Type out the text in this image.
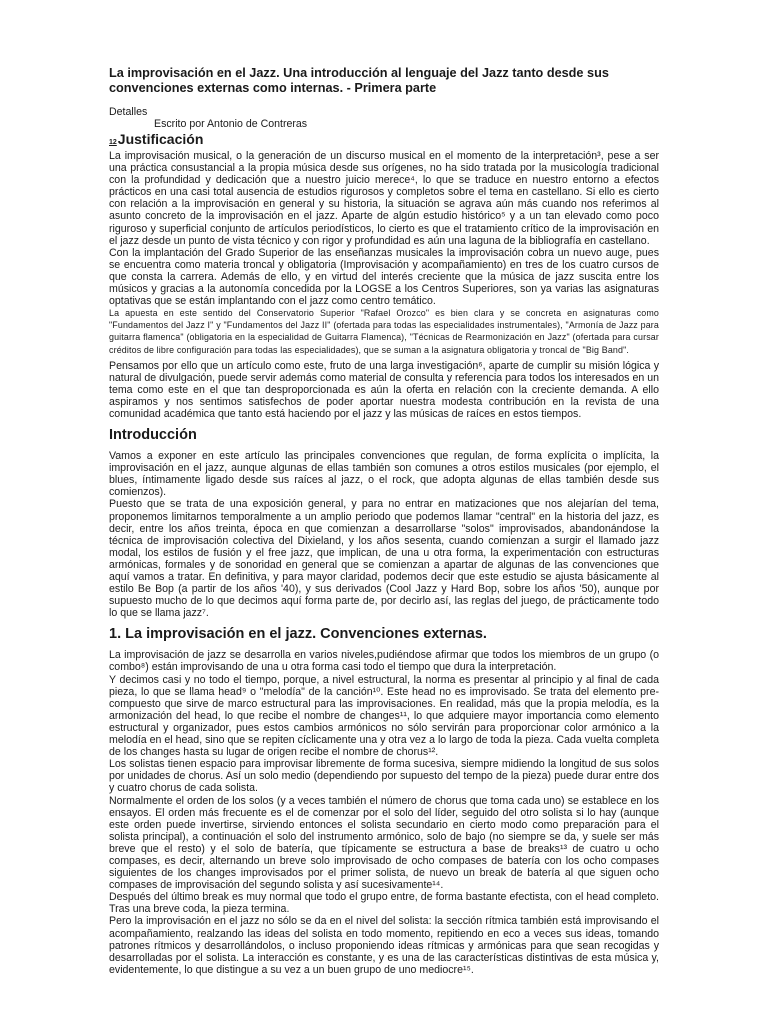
La improvisación en el Jazz. Una introducción al lenguaje del Jazz tanto desde sus convenciones externas como internas. - Primera parte
Detalles
Escrito por Antonio de Contreras
12Justificación

La improvisación musical, o la generación de un discurso musical en el momento de la interpretación³, pese a ser una práctica consustancial a la propia música desde sus orígenes, no ha sido tratada por la musicología tradicional con la profundidad y dedicación que a nuestro juicio merece⁴, lo que se traduce en nuestro entorno a efectos prácticos en una casi total ausencia de estudios rigurosos y completos sobre el tema en castellano. Si ello es cierto con relación a la improvisación en general y su historia, la situación se agrava aún más cuando nos referimos al asunto concreto de la improvisación en el jazz. Aparte de algún estudio histórico⁵ y a un tan elevado como poco riguroso y superficial conjunto de artículos periodísticos, lo cierto es que el tratamiento crítico de la improvisación en el jazz desde un punto de vista técnico y con rigor y profundidad es aún una laguna de la bibliografía en castellano.

Con la implantación del Grado Superior de las enseñanzas musicales la improvisación cobra un nuevo auge, pues se encuentra como materia troncal y obligatoria (Improvisación y acompañamiento) en tres de los cuatro cursos de que consta la carrera. Además de ello, y en virtud del interés creciente que la música de jazz suscita entre los músicos y gracias a la autonomía concedida por la LOGSE a los Centros Superiores, son ya varias las asignaturas optativas que se están implantando con el jazz como centro temático.

La apuesta en este sentido del Conservatorio Superior "Rafael Orozco" es bien clara y se concreta en asignaturas como "Fundamentos del Jazz I" y "Fundamentos del Jazz II" (ofertada para todas las especialidades instrumentales), "Armonía de Jazz para guitarra flamenca" (obligatoria en la especialidad de Guitarra Flamenca), "Técnicas de Rearmonización en Jazz" (ofertada para cursar créditos de libre configuración para todas las especialidades), que se suman a la asignatura obligatoria y troncal de "Big Band".

Pensamos por ello que un artículo como este, fruto de una larga investigación⁶, aparte de cumplir su misión lógica y natural de divulgación, puede servir además como material de consulta y referencia para todos los interesados en un tema como este en el que tan desproporcionada es aún la oferta en relación con la creciente demanda. A ello aspiramos y nos sentimos satisfechos de poder aportar nuestra modesta contribución en la revista de una comunidad académica que tanto está haciendo por el jazz y las músicas de raíces en estos tiempos.

Introducción

Vamos a exponer en este artículo las principales convenciones que regulan, de forma explícita o implícita, la improvisación en el jazz, aunque algunas de ellas también son comunes a otros estilos musicales (por ejemplo, el blues, íntimamente ligado desde sus raíces al jazz, o el rock, que adopta algunas de ellas también desde sus comienzos).

Puesto que se trata de una exposición general, y para no entrar en matizaciones que nos alejarían del tema, proponemos limitarnos temporalmente a un amplio periodo que podemos llamar "central" en la historia del jazz, es decir, entre los años treinta, época en que comienzan a desarrollarse "solos" improvisados, abandonándose la técnica de improvisación colectiva del Dixieland, y los años sesenta, cuando comienzan a surgir el llamado jazz modal, los estilos de fusión y el free jazz, que implican, de una u otra forma, la experimentación con estructuras armónicas, formales y de sonoridad en general que se comienzan a apartar de algunas de las convenciones que aquí vamos a tratar. En definitiva, y para mayor claridad, podemos decir que este estudio se ajusta básicamente al estilo Be Bop (a partir de los años '40), y sus derivados (Cool Jazz y Hard Bop, sobre los años '50), aunque por supuesto mucho de lo que decimos aquí forma parte de, por decirlo así, las reglas del juego, de prácticamente todo lo que se llama jazz⁷.

1. La improvisación en el jazz. Convenciones externas.

La improvisación de jazz se desarrolla en varios niveles,pudiéndose afirmar que todos los miembros de un grupo (o combo⁸) están improvisando de una u otra forma casi todo el tiempo que dura la interpretación.

Y decimos casi y no todo el tiempo, porque, a nivel estructural, la norma es presentar al principio y al final de cada pieza, lo que se llama head⁹ o "melodía" de la canción¹⁰. Este head no es improvisado. Se trata del elemento pre-compuesto que sirve de marco estructural para las improvisaciones. En realidad, más que la propia melodía, es la armonización del head, lo que recibe el nombre de changes¹¹, lo que adquiere mayor importancia como elemento estructural y organizador, pues estos cambios armónicos no sólo servirán para proporcionar color armónico a la melodía en el head, sino que se repiten cíclicamente una y otra vez a lo largo de toda la pieza. Cada vuelta completa de los changes hasta su lugar de origen recibe el nombre de chorus¹².

Los solistas tienen espacio para improvisar libremente de forma sucesiva, siempre midiendo la longitud de sus solos por unidades de chorus. Así un solo medio (dependiendo por supuesto del tempo de la pieza) puede durar entre dos y cuatro chorus de cada solista.

Normalmente el orden de los solos (y a veces también el número de chorus que toma cada uno) se establece en los ensayos. El orden más frecuente es el de comenzar por el solo del líder, seguido del otro solista si lo hay (aunque este orden puede invertirse, sirviendo entonces el solista secundario en cierto modo como preparación para el solista principal), a continuación el solo del instrumento armónico, solo de bajo (no siempre se da, y suele ser más breve que el resto) y el solo de batería, que típicamente se estructura a base de breaks¹³ de cuatro u ocho compases, es decir, alternando un breve solo improvisado de ocho compases de batería con los ocho compases siguientes de los changes improvisados por el primer solista, de nuevo un break de batería al que siguen ocho compases de improvisación del segundo solista y así sucesivamente¹⁴.

Después del último break es muy normal que todo el grupo entre, de forma bastante efectista, con el head completo. Tras una breve coda, la pieza termina.

Pero la improvisación en el jazz no sólo se da en el nivel del solista: la sección rítmica también está improvisando el acompañamiento, realzando las ideas del solista en todo momento, repitiendo en eco a veces sus ideas, tomando patrones rítmicos y desarrollándolos, o incluso proponiendo ideas rítmicas y armónicas para que sean recogidas y desarrolladas por el solista. La interacción es constante, y es una de las características distintivas de esta música y, evidentemente, lo que distingue a su vez a un buen grupo de uno mediocre¹⁵.
